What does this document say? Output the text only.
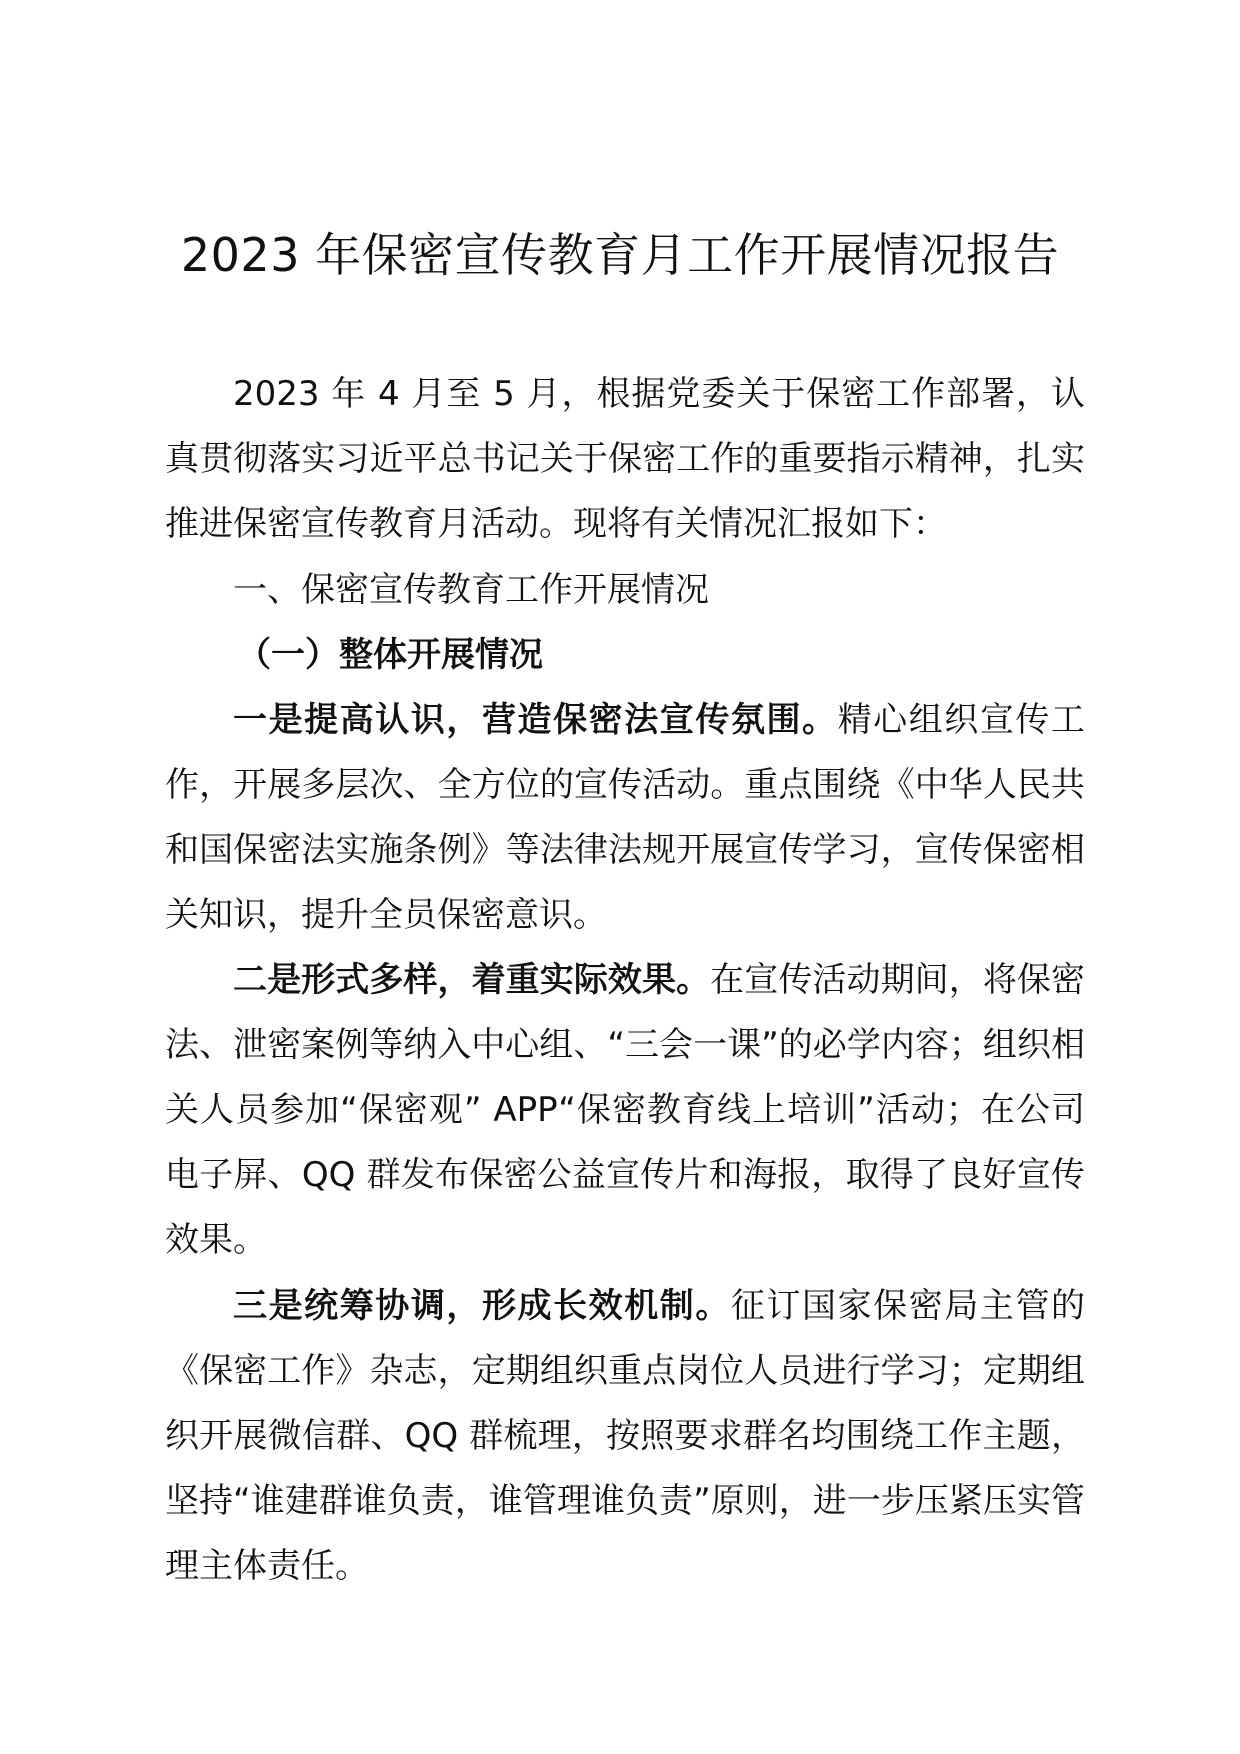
2023 年保密宣传教育月工作开展情况报告

2023 年 4 月至 5 月，根据党委关于保密工作部署，认真贯彻落实习近平总书记关于保密工作的重要指示精神，扎实推进保密宣传教育月活动。现将有关情况汇报如下：

一、保密宣传教育工作开展情况

（一）整体开展情况

一是提高认识，营造保密法宣传氛围。精心组织宣传工作，开展多层次、全方位的宣传活动。重点围绕《中华人民共和国保密法实施条例》等法律法规开展宣传学习，宣传保密相关知识，提升全员保密意识。

二是形式多样，着重实际效果。在宣传活动期间，将保密法、泄密案例等纳入中心组、“三会一课”的必学内容；组织相关人员参加“保密观” APP“保密教育线上培训”活动；在公司电子屏、QQ 群发布保密公益宣传片和海报，取得了良好宣传效果。

三是统筹协调，形成长效机制。征订国家保密局主管的《保密工作》杂志，定期组织重点岗位人员进行学习；定期组织开展微信群、QQ 群梳理，按照要求群名均围绕工作主题，坚持“谁建群谁负责，谁管理谁负责”原则，进一步压紧压实管理主体责任。
